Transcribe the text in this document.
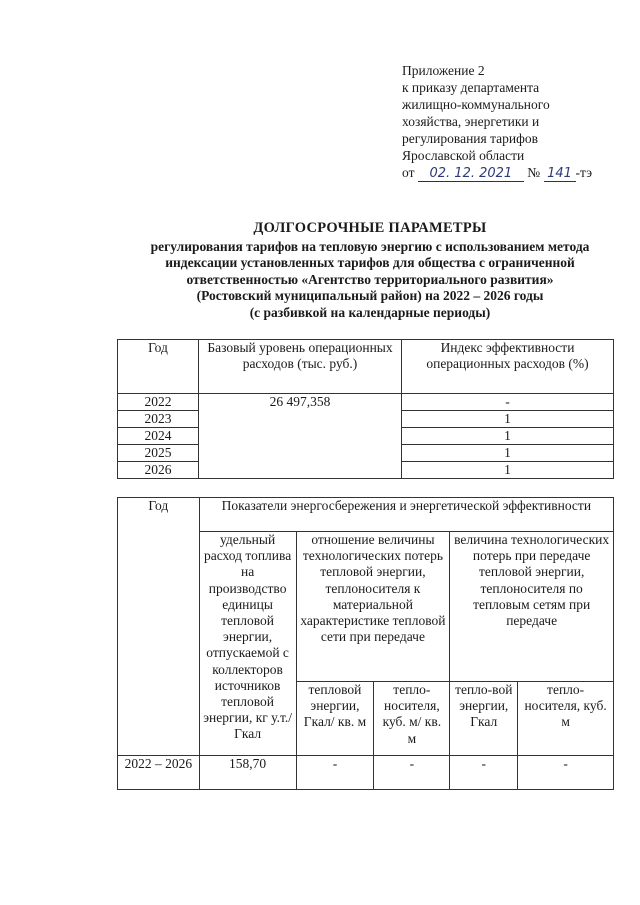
Приложение 2
к приказу департамента
жилищно-коммунального
хозяйства, энергетики и
регулирования тарифов
Ярославской области
от 02. 12. 2021 № 141 -тэ
ДОЛГОСРОЧНЫЕ ПАРАМЕТРЫ
регулирования тарифов на тепловую энергию с использованием метода
индексации установленных тарифов для общества с ограниченной
ответственностью «Агентство территориального развития»
(Ростовский муниципальный район) на 2022 – 2026 годы
(с разбивкой на календарные периоды)
Год	Базовый уровень операционных расходов (тыс. руб.)	Индекс эффективности операционных расходов (%)
2022	26 497,358	-
2023		1
2024		1
2025		1
2026		1
Год	Показатели энергосбережения и энергетической эффективности				
	удельный расход топлива на производство единицы тепловой энергии, отпускаемой с коллекторов источников тепловой энергии, кг у.т./ Гкал	отношение величины технологических потерь тепловой энергии, теплоносителя к материальной характеристике тепловой сети при передаче		величина технологических потерь при передаче тепловой энергии, теплоносителя по тепловым сетям при передаче	
		тепловой энергии, Гкал/ кв. м	тепло-носителя, куб. м/ кв. м	тепло-вой энергии, Гкал	тепло-носителя, куб. м
2022 – 2026	158,70	-	-	-	-
